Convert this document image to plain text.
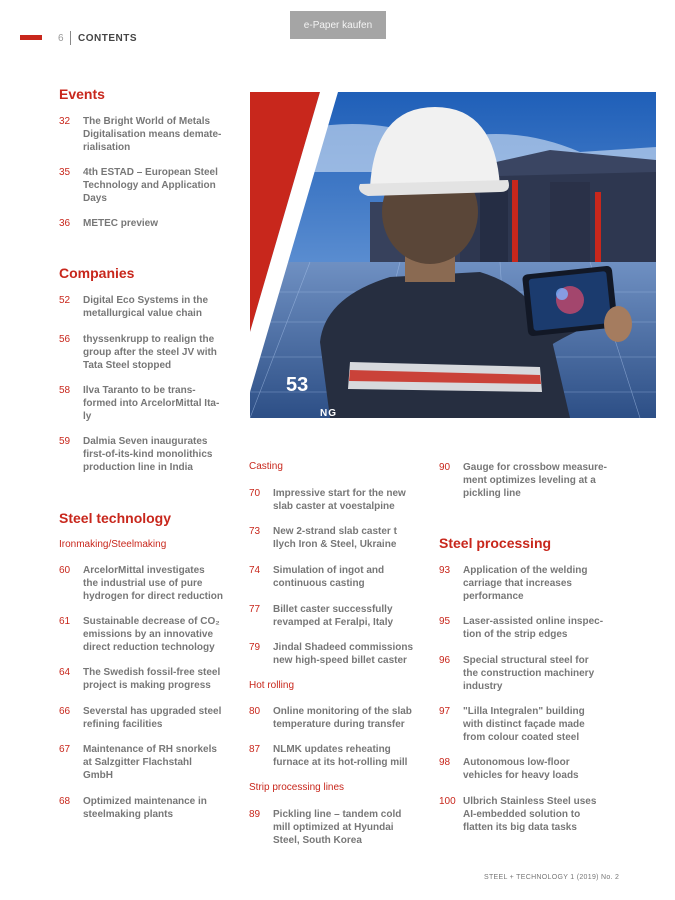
6 CONTENTS
e-Paper kaufen
Events
32	The Bright World of Metals
Digitalisation means demate-
rialisation
35	4th ESTAD – European Steel
Technology and Application
Days
36	METEC preview
Companies
52	Digital Eco Systems in the
metallurgical value chain
56	thyssenkrupp to realign the
group after the steel JV with
Tata Steel stopped
58	Ilva Taranto to be trans-
formed into ArcelorMittal Ita-
ly
59	Dalmia Seven inaugurates
first-of-its-kind monolithics
production line in India
Steel technology
Ironmaking/Steelmaking
60	ArcelorMittal investigates
the industrial use of pure
hydrogen for direct reduction
61	Sustainable decrease of CO₂
emissions by an innovative
direct reduction technology
64	The Swedish fossil-free steel
project is making progress
66	Severstal has upgraded steel
refining facilities
67	Maintenance of RH snorkels
at Salzgitter Flachstahl
GmbH
68	Optimized maintenance in
steelmaking plants
53
NG
Casting
70	Impressive start for the new
slab caster at voestalpine
73	New 2-strand slab caster t
Ilych Iron & Steel, Ukraine
74	Simulation of ingot and
continuous casting
77	Billet caster successfully
revamped at Feralpi, Italy
79	Jindal Shadeed commissions
new high-speed billet caster
Hot rolling
80	Online monitoring of the slab
temperature during transfer
87	NLMK updates reheating
furnace at its hot-rolling mill
Strip processing lines
89	Pickling line – tandem cold
mill optimized at Hyundai
Steel, South Korea
90	Gauge for crossbow measure-
ment optimizes leveling at a
pickling line
Steel processing
93	Application of the welding
carriage that increases
performance
95	Laser-assisted online inspec-
tion of the strip edges
96	Special structural steel for
the construction machinery
industry
97	"Lilla Integralen" building
with distinct façade made
from colour coated steel
98	Autonomous low-floor
vehicles for heavy loads
100 Ulbrich Stainless Steel uses
AI-embedded solution to
flatten its big data tasks
STEEL + TECHNOLOGY 1 (2019) No. 2
